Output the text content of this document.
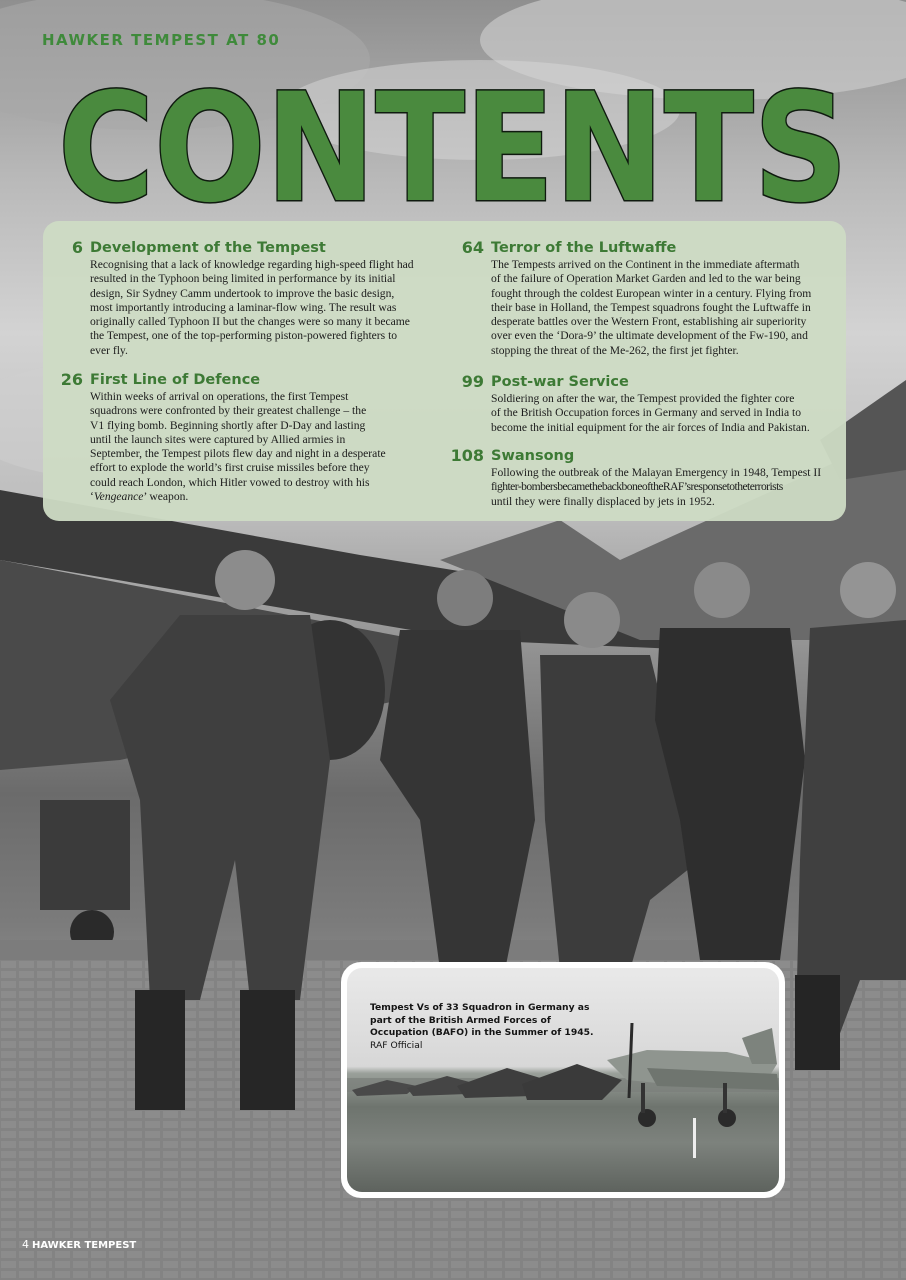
HAWKER TEMPEST AT 80
CONTENTS
6 Development of the Tempest

Recognising that a lack of knowledge regarding high-speed flight had

resulted in the Typhoon being limited in performance by its initial

design, Sir Sydney Camm undertook to improve the basic design,

most importantly introducing a laminar-flow wing. The result was

originally called Typhoon II but the changes were so many it became

the Tempest, one of the top-performing piston-powered fighters to

ever fly.

26 First Line of Defence

Within weeks of arrival on operations, the first Tempest

squadrons were confronted by their greatest challenge – the

V1 flying bomb. Beginning shortly after D-Day and lasting

until the launch sites were captured by Allied armies in

September, the Tempest pilots flew day and night in a desperate

effort to explode the world’s first cruise missiles before they

could reach London, which Hitler vowed to destroy with his

‘Vengeance’ weapon.

64 Terror of the Luftwaffe

The Tempests arrived on the Continent in the immediate aftermath

of the failure of Operation Market Garden and led to the war being

fought through the coldest European winter in a century. Flying from

their base in Holland, the Tempest squadrons fought the Luftwaffe in

desperate battles over the Western Front, establishing air superiority

over even the ‘Dora-9’ the ultimate development of the Fw-190, and

stopping the threat of the Me-262, the first jet fighter.

99 Post-war Service

Soldiering on after the war, the Tempest provided the fighter core

of the British Occupation forces in Germany and served in India to

become the initial equipment for the air forces of India and Pakistan.

108 Swansong

Following the outbreak of the Malayan Emergency in 1948, Tempest II

fighter-bombersbecamethebackboneoftheRAF’sresponsetotheterrorists

until they were finally displaced by jets in 1952.

Tempest Vs of 33 Squadron in Germany as part of the British Armed Forces of Occupation (BAFO) in the Summer of 1945. RAF Official
4 HAWKER TEMPEST
